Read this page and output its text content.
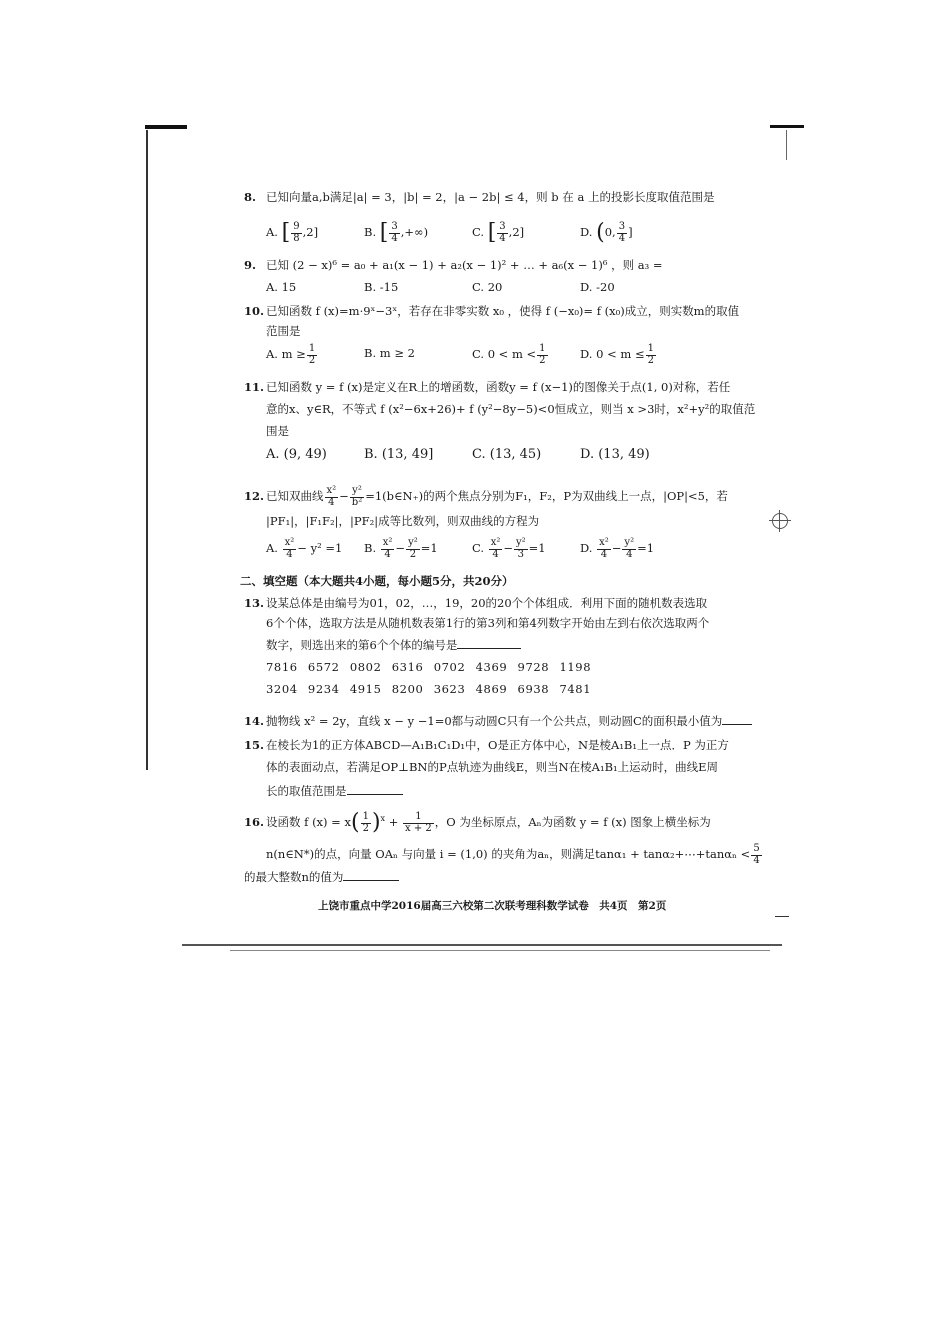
8. 已知向量a,b满足|a| = 3，|b| = 2，|a − 2b| ≤ 4，则 b 在 a 上的投影长度取值范围是
A. [ $\frac{9}{8} ,2$]	B. [ $\frac{3}{4}$ ,+∞)	C. [ $\frac{3}{4} ,2$]	D. (0, $\frac{3}{4}$ ]
9. 已知 (2 − x)⁶ = a₀ + a₁(x − 1) + a₂(x − 1)² + … + a₆(x − 1)⁶ ，则 a₃ =
A. 15	B. -15	C. 20	D. -20
10. 已知函数 f (x)=m·9ˣ−3ˣ，若存在非零实数 x₀ ，使得 f (−x₀)= f (x₀)成立，则实数m的取值
范围是
A. $m \ge \frac{1}{2}$	B. m ≥ 2	C. $0 < m < \frac{1}{2}$	D. $0 < m \le \frac{1}{2}$
11. 已知函数 y = f (x)是定义在R上的增函数，函数y = f (x−1)的图像关于点(1, 0)对称，若任
意的x、y∈R，不等式 f (x²−6x+26)+ f (y²−8y−5)<0恒成立，则当 x >3时，x²+y²的取值范
围是
A. (9, 49)	B. (13, 49]	C. (13, 45)	D. (13, 49)
12. 已知双曲线 $\frac{\text{x²}}{4} - \frac{\text{y²}}{\text{b²}}$ =1(b∈N₊)的两个焦点分别为F₁，F₂，P为双曲线上一点，|OP|<5，若
|PF₁|，|F₁F₂|，|PF₂|成等比数列，则双曲线的方程为
A. $\frac{\text{x²}}{4} - y^2 =1$ B. $\frac{\text{x²}}{4} - \frac{\text{y²}}{2} =1$	C. $\frac{\text{x²}}{4} - \frac{\text{y²}}{3} =1$	D. $\frac{\text{x²}}{4} - \frac{\text{y²}}{4} =1$
二、填空题（本大题共4小题，每小题5分，共20分）
13. 设某总体是由编号为01，02，…，19，20的20个个体组成．利用下面的随机数表选取
6个个体，选取方法是从随机数表第1行的第3列和第4列数字开始由左到右依次选取两个
数字，则选出来的第6个个体的编号是
7816 6572 0802 6316 0702 4369 9728 1198
3204 9234 4915 8200 3623 4869 6938 7481
14. 抛物线 x² = 2y，直线 x − y −1=0都与动圆C只有一个公共点，则动圆C的面积最小值为
15. 在棱长为1的正方体ABCD—A₁B₁C₁D₁中，O是正方体中心，N是棱A₁B₁上一点．P 为正方
体的表面动点，若满足OP⊥BN的P点轨迹为曲线E，则当N在棱A₁B₁上运动时，曲线E周
长的取值范围是
16. 设函数 f $(x) = x( \frac{1}{2} )^x + \frac{1}{x + 2}$ ，O 为坐标原点，Aₙ为函数 y = f (x) 图象上横坐标为
n(n∈N*)的点，向量 OAₙ 与向量 i = (1,0) 的夹角为aₙ，则满足tanα₁ + tanα₂+⋯+tanαₙ < $\frac{5}{4}$
的最大整数n的值为
上饶市重点中学2016届高三六校第二次联考理科数学试卷　共4页　第2页
